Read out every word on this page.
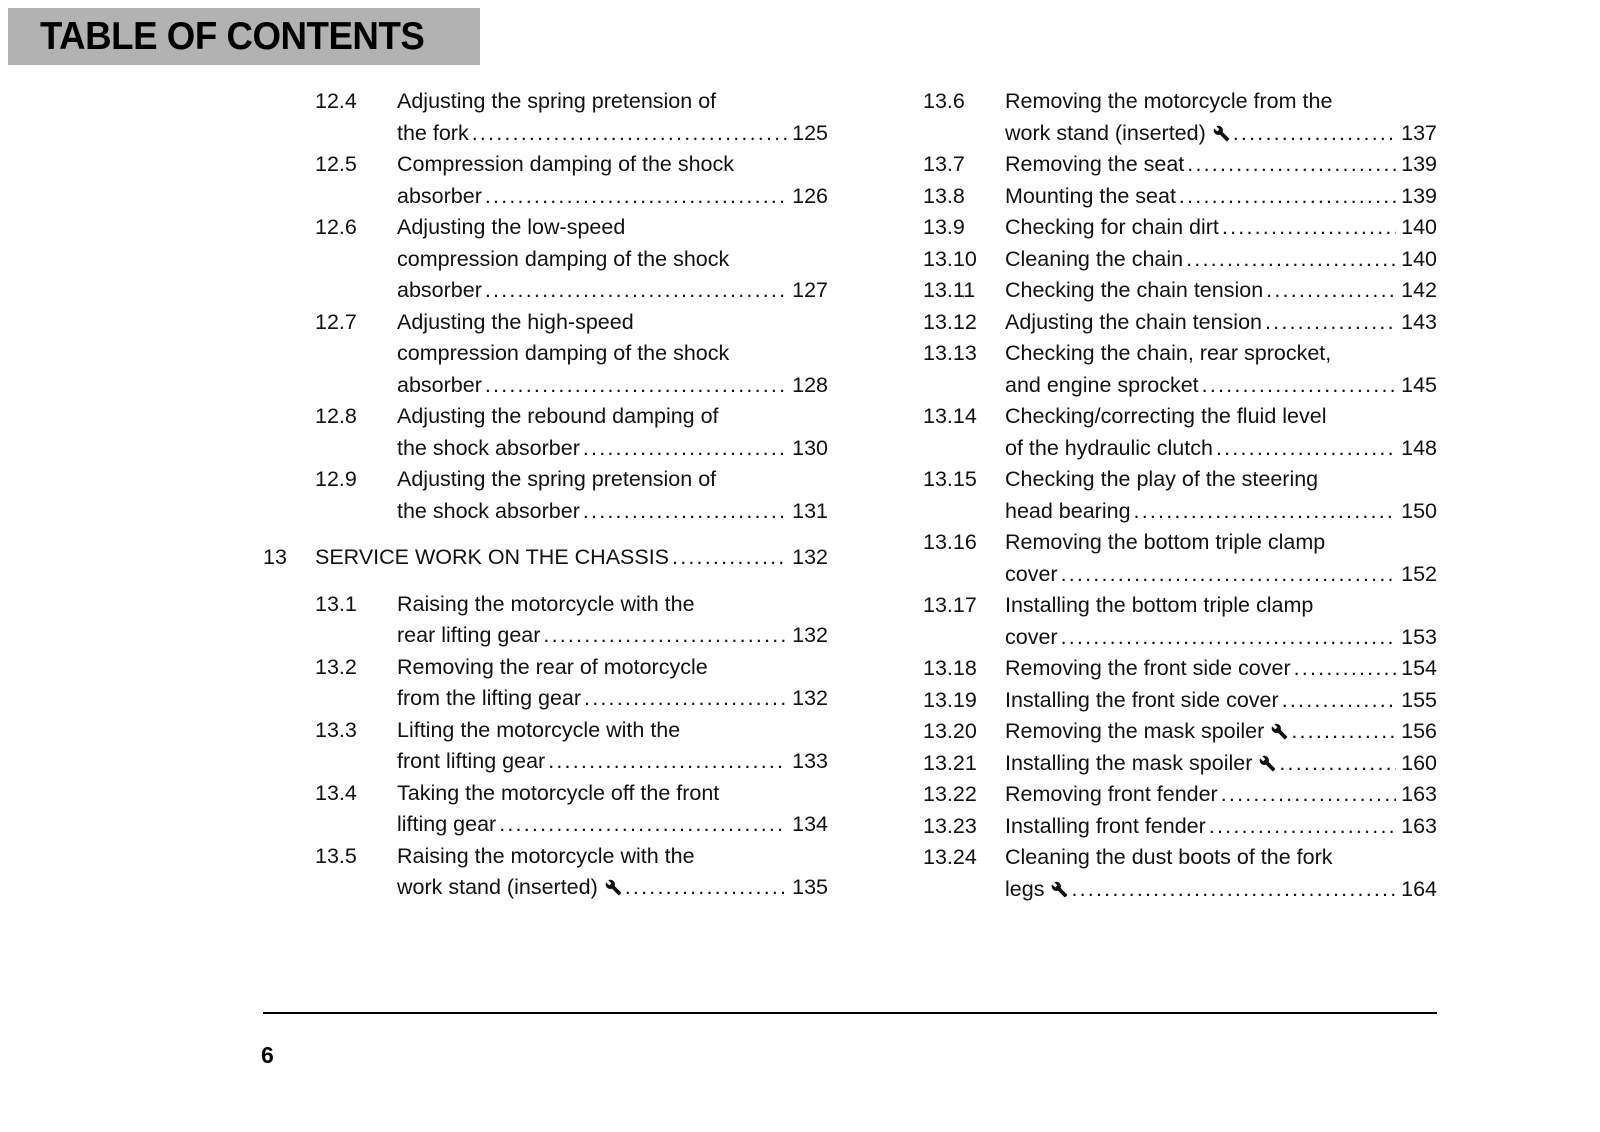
TABLE OF CONTENTS
12.4	Adjusting the spring pretension of
the fork .....	125
12.5	Compression damping of the shock
absorber .....	126
12.6	Adjusting the low-speed
compression damping of the shock
absorber .....	127
12.7	Adjusting the high-speed
compression damping of the shock
absorber .....	128
12.8	Adjusting the rebound damping of
the shock absorber .....	130
12.9	Adjusting the spring pretension of
the shock absorber .....	131
13	SERVICE WORK ON THE CHASSIS .....	132
13.1	Raising the motorcycle with the
rear lifting gear .....	132
13.2	Removing the rear of motorcycle
from the lifting gear .....	132
13.3	Lifting the motorcycle with the
front lifting gear .....	133
13.4	Taking the motorcycle off the front
lifting gear .....	134
13.5	Raising the motorcycle with the
work stand (inserted) .....	135
13.6	Removing the motorcycle from the
work stand (inserted) .....	137
13.7	Removing the seat .....	139
13.8	Mounting the seat .....	139
13.9	Checking for chain dirt .....	140
13.10	Cleaning the chain .....	140
13.11	Checking the chain tension .....	142
13.12	Adjusting the chain tension .....	143
13.13	Checking the chain, rear sprocket,
and engine sprocket .....	145
13.14	Checking/correcting the fluid level
of the hydraulic clutch .....	148
13.15	Checking the play of the steering
head bearing .....	150
13.16	Removing the bottom triple clamp
cover .....	152
13.17	Installing the bottom triple clamp
cover .....	153
13.18	Removing the front side cover .....	154
13.19	Installing the front side cover .....	155
13.20	Removing the mask spoiler .....	156
13.21	Installing the mask spoiler .....	160
13.22	Removing front fender .....	163
13.23	Installing front fender .....	163
13.24	Cleaning the dust boots of the fork
legs .....	164
6
